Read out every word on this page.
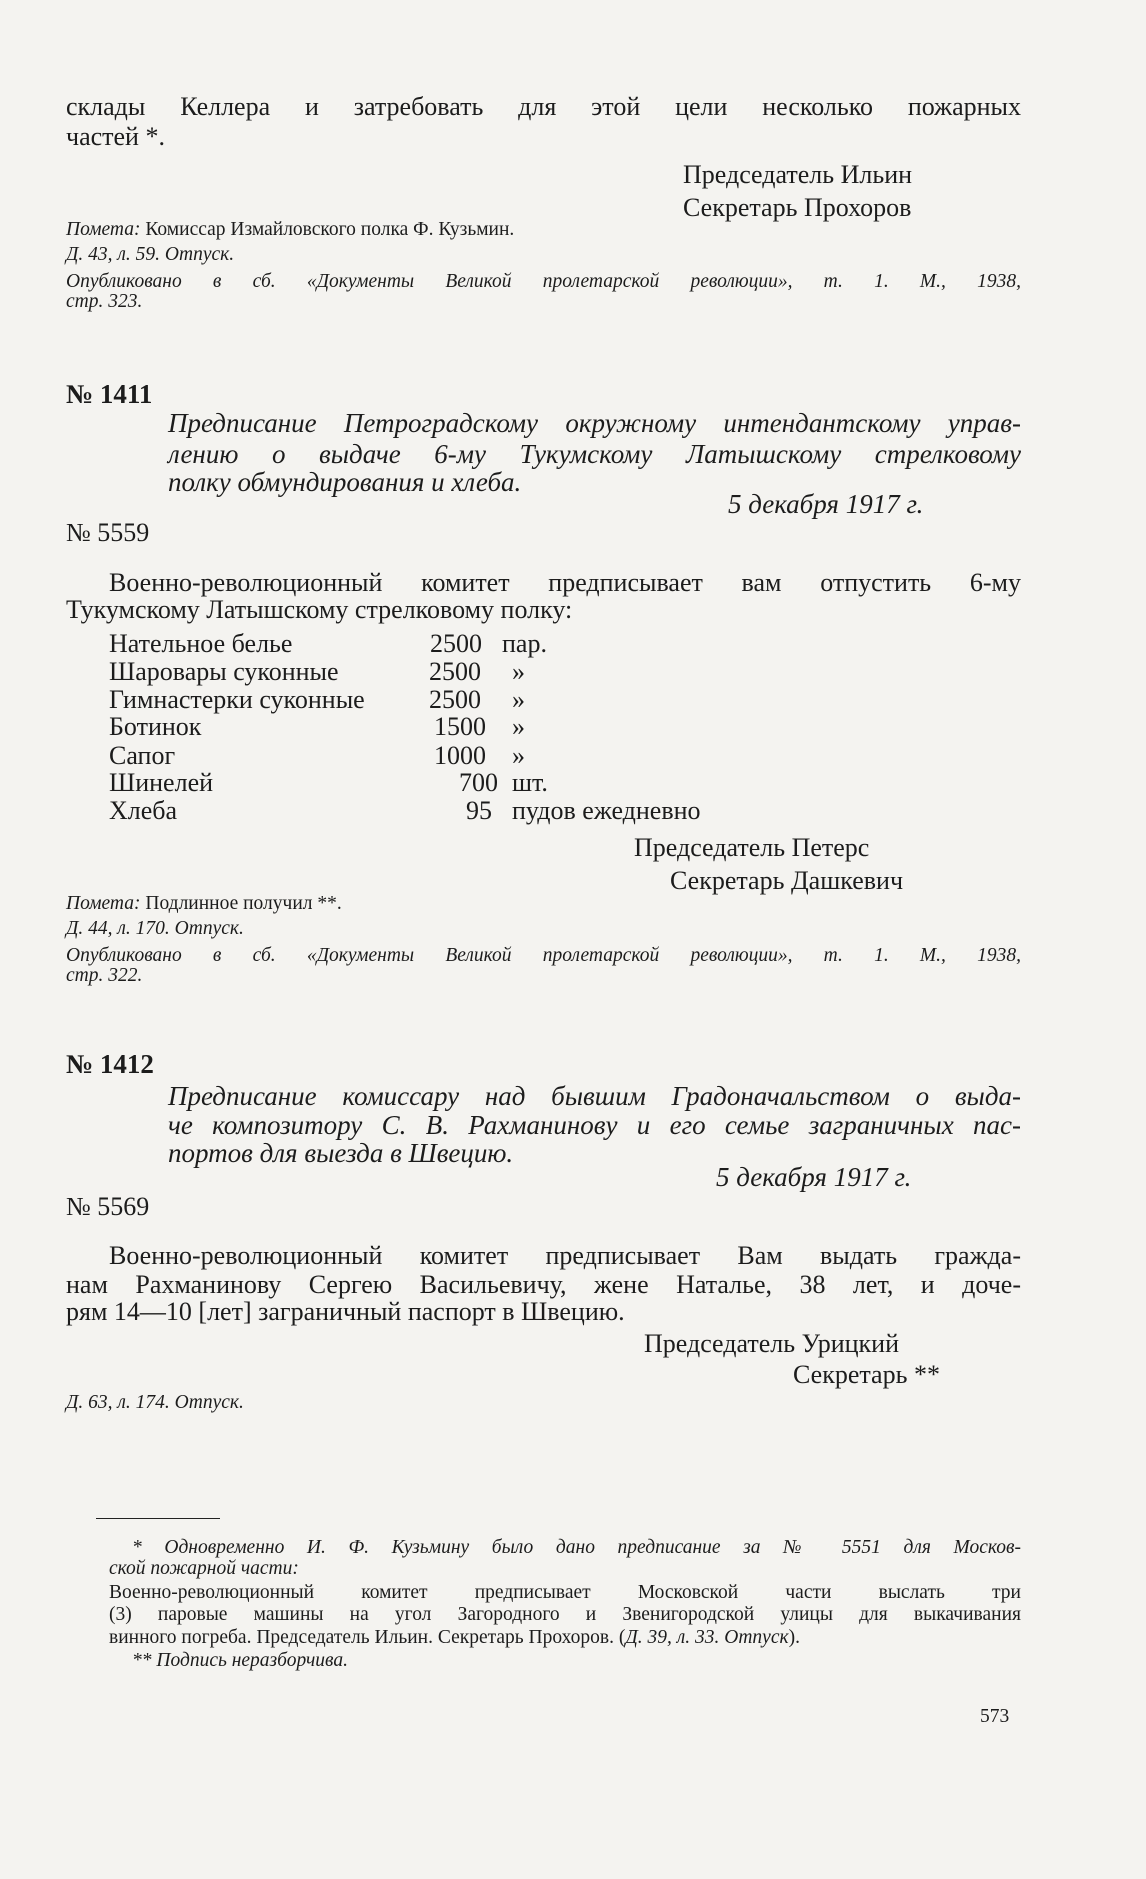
склады Келлера и затребовать для этой цели несколько пожарных
частей *.
Председатель Ильин
Секретарь Прохоров
Помета: Комиссар Измайловского полка Ф. Кузьмин.
Д. 43, л. 59. Отпуск.
Опубликовано в сб. «Документы Великой пролетарской революции», т. 1. М., 1938,
стр. 323.
№ 1411
Предписание Петроградскому окружному интендантскому управ-
лению о выдаче 6-му Тукумскому Латышскому стрелковому
полку обмундирования и хлеба.
5 декабря 1917 г.
№ 5559
Военно-революционный комитет предписывает вам отпустить 6-му
Тукумскому Латышскому стрелковому полку:
Нательное белье	2500 пар.
Шаровары суконные	2500 »
Гимнастерки суконные 2500 »
Ботинок	1500 »
Сапог	1000 »
Шинелей	700 шт.
Хлеба	95 пудов ежедневно
Председатель Петерс
Секретарь Дашкевич
Помета: Подлинное получил **.
Д. 44, л. 170. Отпуск.
Опубликовано в сб. «Документы Великой пролетарской революции», т. 1. М., 1938,
стр. 322.
№ 1412
Предписание комиссару над бывшим Градоначальством о выда-
че композитору С. В. Рахманинову и его семье заграничных пас-
портов для выезда в Швецию.
5 декабря 1917 г.
№ 5569
Военно-революционный комитет предписывает Вам выдать гражда-
нам Рахманинову Сергею Васильевичу, жене Наталье, 38 лет, и доче-
рям 14—10 [лет] заграничный паспорт в Швецию.
Председатель Урицкий
Секретарь **
Д. 63, л. 174. Отпуск.
* Одновременно И. Ф. Кузьмину было дано предписание за № 5551 для Москов-
ской пожарной части:
Военно-революционный комитет предписывает Московской части выслать три
(3) паровые машины на угол Загородного и Звенигородской улицы для выкачивания
винного погреба. Председатель Ильин. Секретарь Прохоров. (Д. 39, л. 33. Отпуск).
** Подпись неразборчива.
573
